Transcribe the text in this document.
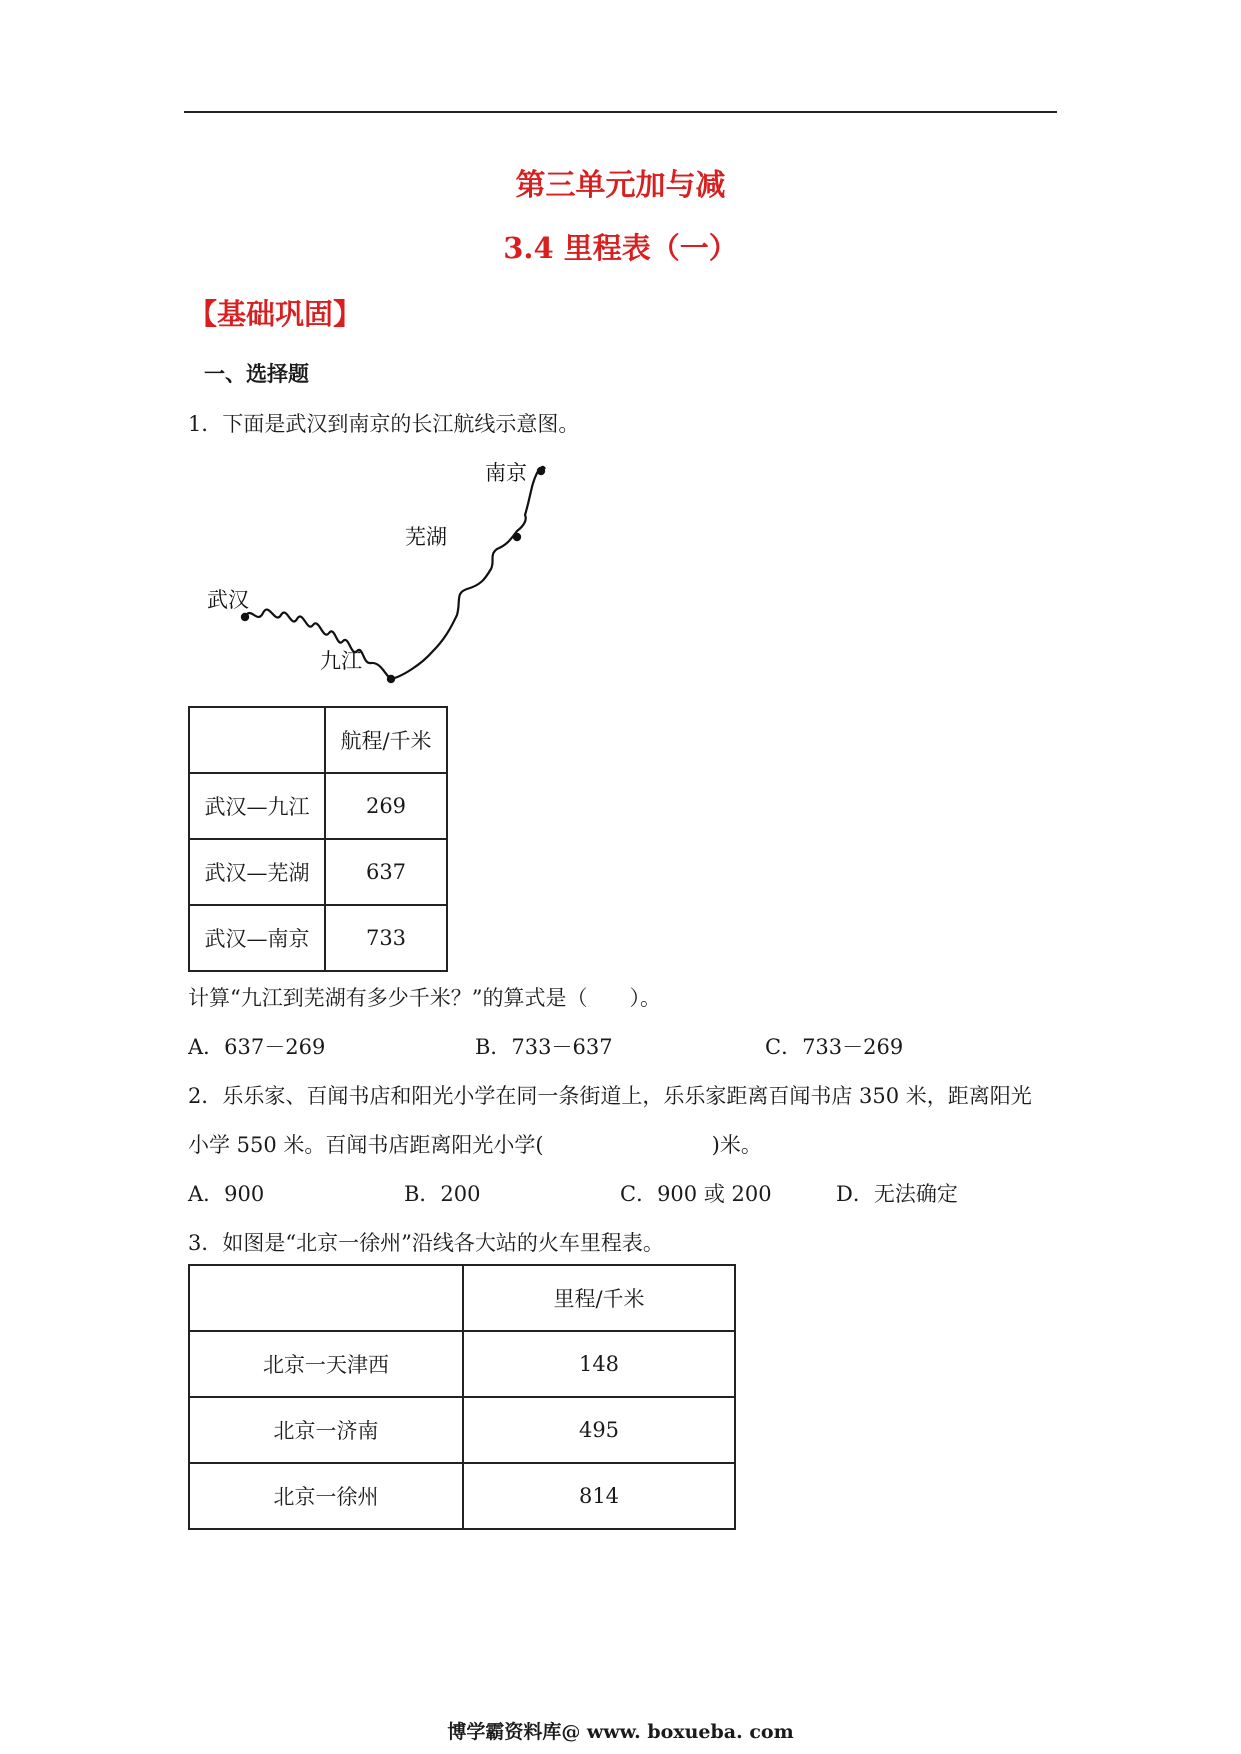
第三单元加与减
3.4 里程表（一）
【基础巩固】
一、选择题
1．下面是武汉到南京的长江航线示意图。
武汉
九江
芜湖
南京
	航程/千米
武汉—九江	269
武汉—芜湖	637
武汉—南京	733
计算“九江到芜湖有多少千米？”的算式是（　　）。
A．637－269	B．733－637	C．733－269
2．乐乐家、百闻书店和阳光小学在同一条街道上，乐乐家距离百闻书店 350 米，距离阳光
小学 550 米。百闻书店距离阳光小学(　　　　　　　　)米。
A．900	B．200	C．900 或 200	D．无法确定
3．如图是“北京一徐州”沿线各大站的火车里程表。
	里程/千米
北京一天津西	148
北京一济南	495
北京一徐州	814
博学霸资料库@ www. boxueba. com
